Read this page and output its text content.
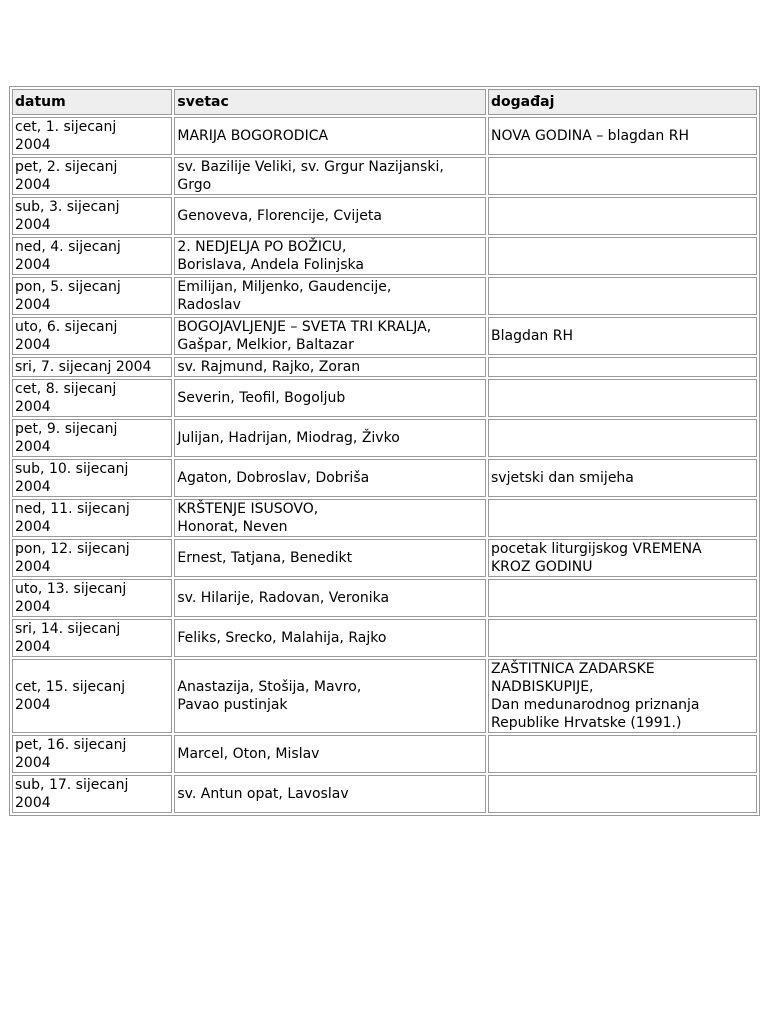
datum	svetac	događaj
cet, 1. sijecanj
2004	MARIJA BOGORODICA	NOVA GODINA – blagdan RH
pet, 2. sijecanj
2004	sv. Bazilije Veliki, sv. Grgur Nazijanski,
Grgo	
sub, 3. sijecanj
2004	Genoveva, Florencije, Cvijeta	
ned, 4. sijecanj
2004	2. NEDJELJA PO BOŽICU,
Borislava, Andela Folinjska	
pon, 5. sijecanj
2004	Emilijan, Miljenko, Gaudencije,
Radoslav	
uto, 6. sijecanj
2004	BOGOJAVLJENJE – SVETA TRI KRALJA,
Gašpar, Melkior, Baltazar	Blagdan RH
sri, 7. sijecanj 2004	sv. Rajmund, Rajko, Zoran	
cet, 8. sijecanj
2004	Severin, Teofil, Bogoljub	
pet, 9. sijecanj
2004	Julijan, Hadrijan, Miodrag, Živko	
sub, 10. sijecanj
2004	Agaton, Dobroslav, Dobriša	svjetski dan smijeha
ned, 11. sijecanj
2004	KRŠTENJE ISUSOVO,
Honorat, Neven	
pon, 12. sijecanj
2004	Ernest, Tatjana, Benedikt	pocetak liturgijskog VREMENA
KROZ GODINU
uto, 13. sijecanj
2004	sv. Hilarije, Radovan, Veronika	
sri, 14. sijecanj
2004	Feliks, Srecko, Malahija, Rajko	
cet, 15. sijecanj
2004	Anastazija, Stošija, Mavro,
Pavao pustinjak	ZAŠTITNICA ZADARSKE
NADBISKUPIJE,
Dan medunarodnog priznanja
Republike Hrvatske (1991.)
pet, 16. sijecanj
2004	Marcel, Oton, Mislav	
sub, 17. sijecanj
2004	sv. Antun opat, Lavoslav	
